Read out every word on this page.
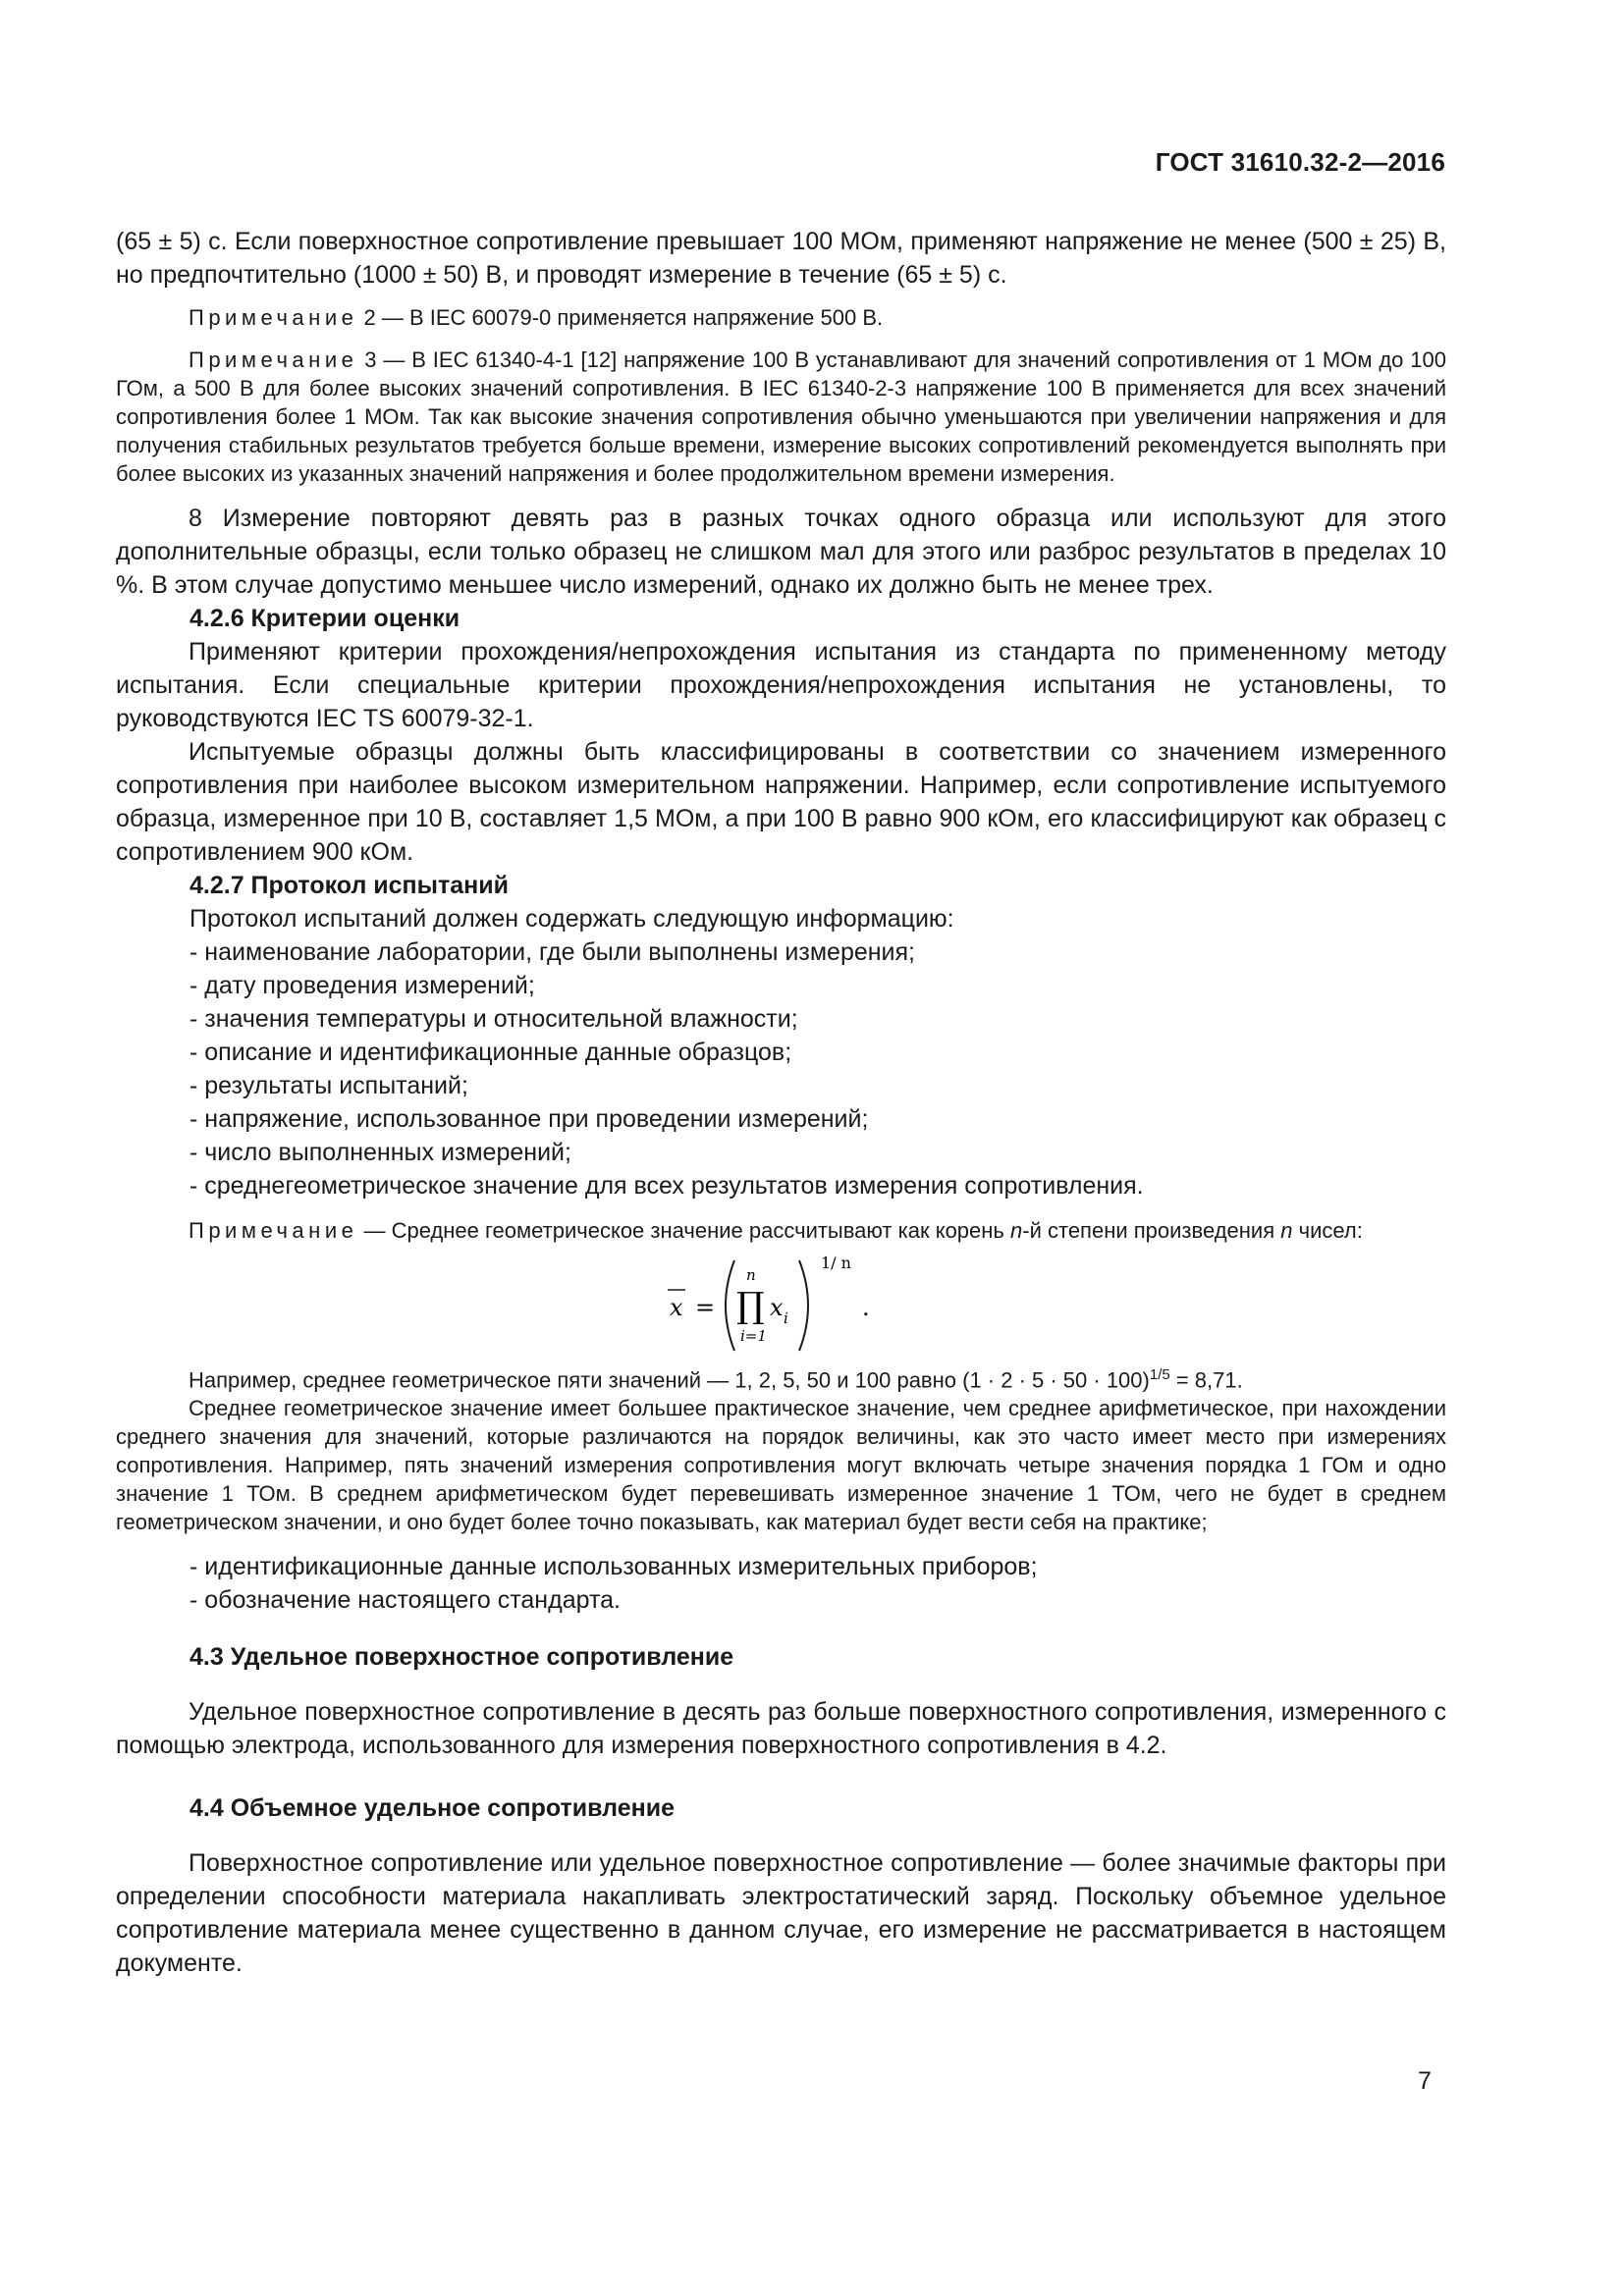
ГОСТ 31610.32-2—2016

(65 ± 5) с. Если поверхностное сопротивление превышает 100 МОм, применяют напряжение не менее (500 ± 25) В, но предпочтительно (1000 ± 50) В, и проводят измерение в течение (65 ± 5) с.

Примечание 2 — В IEC 60079-0 применяется напряжение 500 В.

Примечание 3 — В IEC 61340-4-1 [12] напряжение 100 В устанавливают для значений сопротивления от 1 МОм до 100 ГОм, а 500 В для более высоких значений сопротивления. В IEC 61340-2-3 напряжение 100 В применяется для всех значений сопротивления более 1 МОм. Так как высокие значения сопротивления обычно уменьшаются при увеличении напряжения и для получения стабильных результатов требуется больше времени, измерение высоких сопротивлений рекомендуется выполнять при более высоких из указанных значений напряжения и более продолжительном времени измерения.

8 Измерение повторяют девять раз в разных точках одного образца или используют для этого дополнительные образцы, если только образец не слишком мал для этого или разброс результатов в пределах 10 %. В этом случае допустимо меньшее число измерений, однако их должно быть не менее трех.

4.2.6 Критерии оценки

Применяют критерии прохождения/непрохождения испытания из стандарта по примененному методу испытания. Если специальные критерии прохождения/непрохождения испытания не установлены, то руководствуются IEC TS 60079-32-1.

Испытуемые образцы должны быть классифицированы в соответствии со значением измеренного сопротивления при наиболее высоком измерительном напряжении. Например, если сопротивление испытуемого образца, измеренное при 10 В, составляет 1,5 МОм, а при 100 В равно 900 кОм, его классифицируют как образец с сопротивлением 900 кОм.

4.2.7 Протокол испытаний

Протокол испытаний должен содержать следующую информацию:

- наименование лаборатории, где были выполнены измерения;

- дату проведения измерений;

- значения температуры и относительной влажности;

- описание и идентификационные данные образцов;

- результаты испытаний;

- напряжение, использованное при проведении измерений;

- число выполненных измерений;

- среднегеометрическое значение для всех результатов измерения сопротивления.

Примечание — Среднее геометрическое значение рассчитывают как корень n-й степени произведения n чисел:

x =
n
∏
i=1
x i
1/ n
.

Например, среднее геометрическое пяти значений — 1, 2, 5, 50 и 100 равно $(1 \cdot 2 \cdot 5 \cdot 50 \cdot 100)^{1/5} = 8,71$.

Среднее геометрическое значение имеет большее практическое значение, чем среднее арифметическое, при нахождении среднего значения для значений, которые различаются на порядок величины, как это часто имеет место при измерениях сопротивления. Например, пять значений измерения сопротивления могут включать четыре значения порядка 1 ГОм и одно значение 1 ТОм. В среднем арифметическом будет перевешивать измеренное значение 1 ТОм, чего не будет в среднем геометрическом значении, и оно будет более точно показывать, как материал будет вести себя на практике;

- идентификационные данные использованных измерительных приборов;

- обозначение настоящего стандарта.

4.3 Удельное поверхностное сопротивление

Удельное поверхностное сопротивление в десять раз больше поверхностного сопротивления, измеренного с помощью электрода, использованного для измерения поверхностного сопротивления в 4.2.

4.4 Объемное удельное сопротивление

Поверхностное сопротивление или удельное поверхностное сопротивление — более значимые факторы при определении способности материала накапливать электростатический заряд. Поскольку объемное удельное сопротивление материала менее существенно в данном случае, его измерение не рассматривается в настоящем документе.

7
